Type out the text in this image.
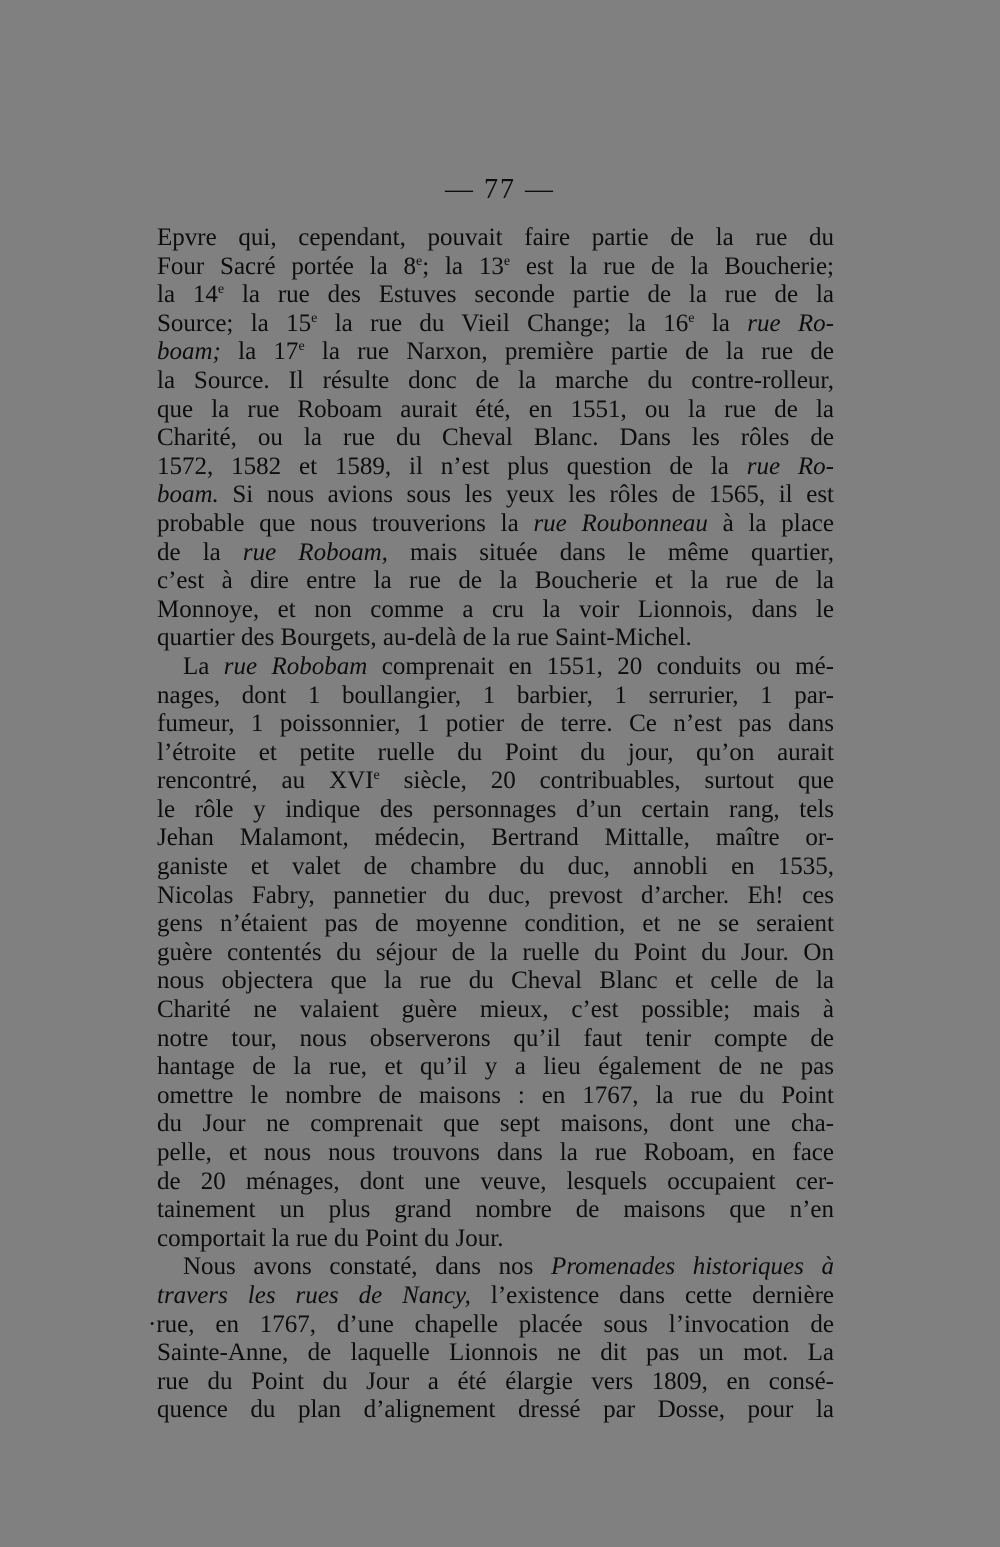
— 77 —
Epvre qui, cependant, pouvait faire partie de la rue du
Four Sacré portée la 8e; la 13e est la rue de la Boucherie;
la 14e la rue des Estuves seconde partie de la rue de la
Source; la 15e la rue du Vieil Change; la 16e la rue Ro-
boam; la 17e la rue Narxon, première partie de la rue de
la Source. Il résulte donc de la marche du contre-rolleur,
que la rue Roboam aurait été, en 1551, ou la rue de la
Charité, ou la rue du Cheval Blanc. Dans les rôles de
1572, 1582 et 1589, il n’est plus question de la rue Ro-
boam. Si nous avions sous les yeux les rôles de 1565, il est
probable que nous trouverions la rue Roubonneau à la place
de la rue Roboam, mais située dans le même quartier,
c’est à dire entre la rue de la Boucherie et la rue de la
Monnoye, et non comme a cru la voir Lionnois, dans le
quartier des Bourgets, au-delà de la rue Saint-Michel.
La rue Robobam comprenait en 1551, 20 conduits ou mé-
nages, dont 1 boullangier, 1 barbier, 1 serrurier, 1 par-
fumeur, 1 poissonnier, 1 potier de terre. Ce n’est pas dans
l’étroite et petite ruelle du Point du jour, qu’on aurait
rencontré, au XVIe siècle, 20 contribuables, surtout que
le rôle y indique des personnages d’un certain rang, tels
Jehan Malamont, médecin, Bertrand Mittalle, maître or-
ganiste et valet de chambre du duc, annobli en 1535,
Nicolas Fabry, pannetier du duc, prevost d’archer. Eh! ces
gens n’étaient pas de moyenne condition, et ne se seraient
guère contentés du séjour de la ruelle du Point du Jour. On
nous objectera que la rue du Cheval Blanc et celle de la
Charité ne valaient guère mieux, c’est possible; mais à
notre tour, nous observerons qu’il faut tenir compte de
hantage de la rue, et qu’il y a lieu également de ne pas
omettre le nombre de maisons : en 1767, la rue du Point
du Jour ne comprenait que sept maisons, dont une cha-
pelle, et nous nous trouvons dans la rue Roboam, en face
de 20 ménages, dont une veuve, lesquels occupaient cer-
tainement un plus grand nombre de maisons que n’en
comportait la rue du Point du Jour.
Nous avons constaté, dans nos Promenades historiques à
travers les rues de Nancy, l’existence dans cette dernière
·rue, en 1767, d’une chapelle placée sous l’invocation de
Sainte-Anne, de laquelle Lionnois ne dit pas un mot. La
rue du Point du Jour a été élargie vers 1809, en consé-
quence du plan d’alignement dressé par Dosse, pour la
